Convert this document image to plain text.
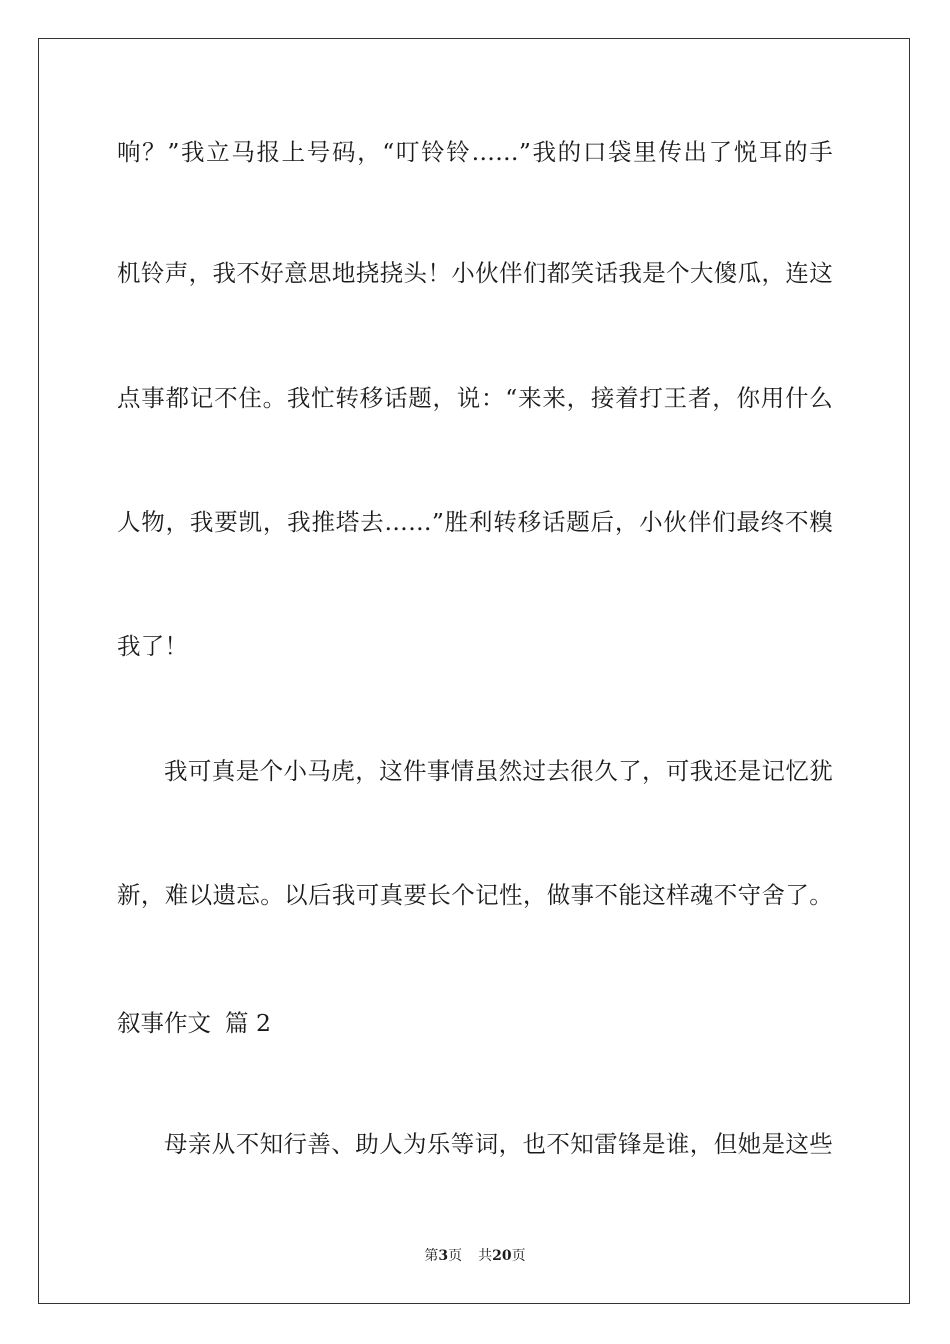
响？”我立马报上号码，“叮铃铃……”我的口袋里传出了悦耳的手
机铃声，我不好意思地挠挠头！小伙伴们都笑话我是个大傻瓜，连这
点事都记不住。我忙转移话题，说：“来来，接着打王者，你用什么
人物，我要凯，我推塔去……”胜利转移话题后，小伙伴们最终不糗
我了！
我可真是个小马虎，这件事情虽然过去很久了，可我还是记忆犹
新，难以遗忘。以后我可真要长个记性，做事不能这样魂不守舍了。
叙事作文 篇 2
母亲从不知行善、助人为乐等词，也不知雷锋是谁，但她是这些
第3页 共20页
